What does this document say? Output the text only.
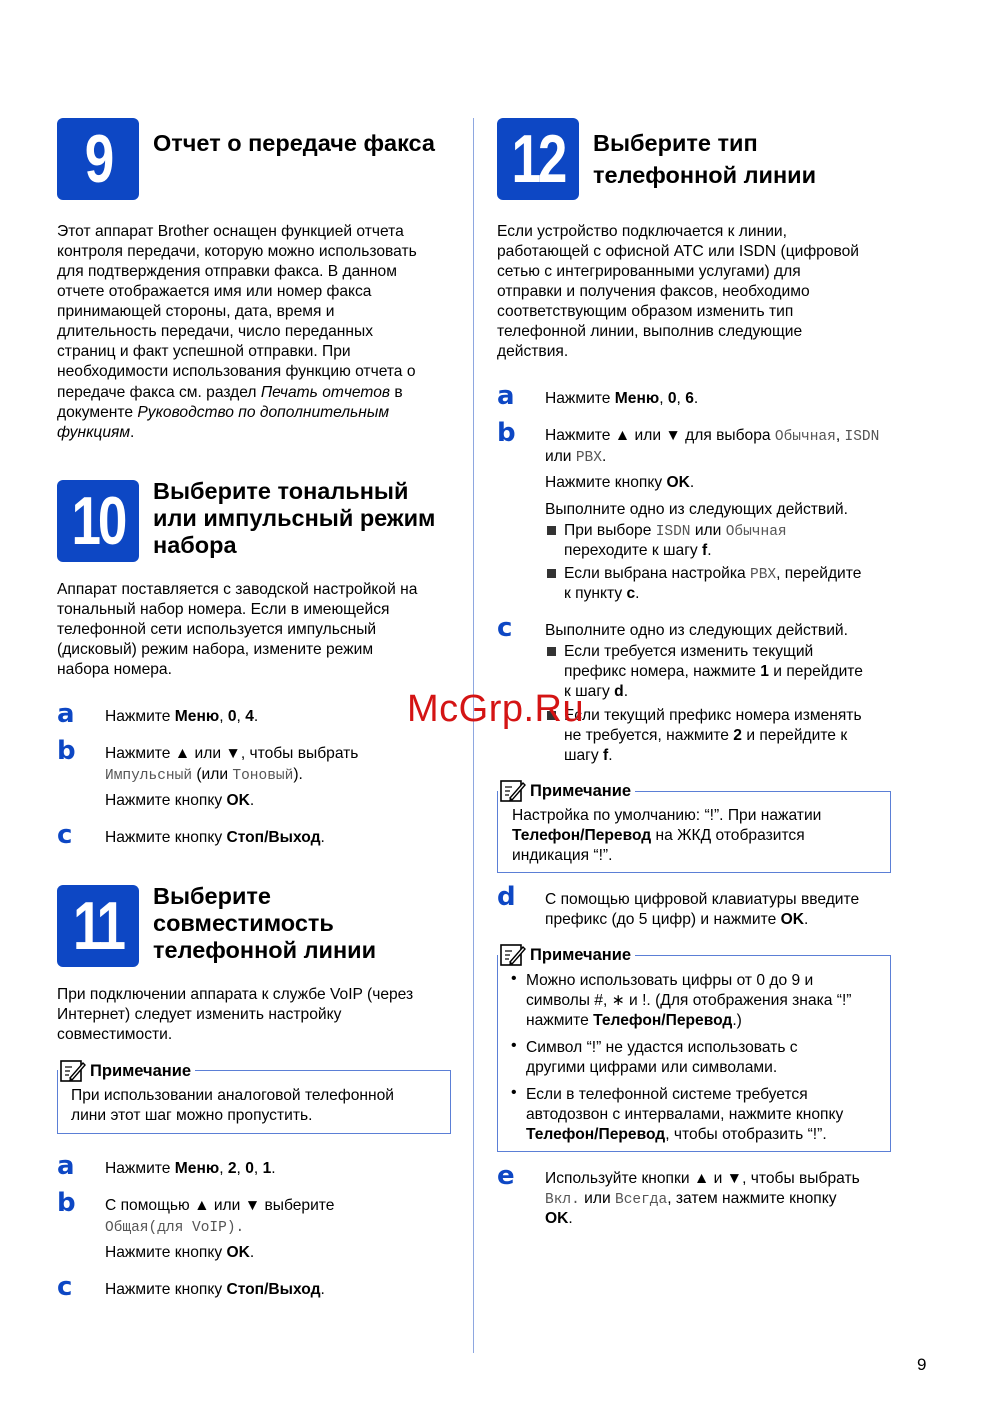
9 Отчет о передаче факса

Этот аппарат Brother оснащен функцией отчета

контроля передачи, которую можно использовать

для подтверждения отправки факса. В данном

отчете отображается имя или номер факса

принимающей стороны, дата, время и

длительность передачи, число переданных

страниц и факт успешной отправки. При

необходимости использования функцию отчета о

передаче факса см. раздел Печать отчетов в

документе Руководство по дополнительным

функциям.

10 Выберите тональный
или импульсный режим
набора

Аппарат поставляется с заводской настройкой на

тональный набор номера. Если в имеющейся

телефонной сети используется импульсный

(дисковый) режим набора, измените режим

набора номера.

a Нажмите Меню, 0, 4.

b Нажмите ▲ или ▼, чтобы выбрать

Импульсный (или Тоновый).

Нажмите кнопку OK.

c Нажмите кнопку Стоп/Выход.

11 Выберите
совместимость
телефонной линии

При подключении аппарата к службе VoIP (через

Интернет) следует изменить настройку

совместимости.

Примечание

При использовании аналоговой телефонной

лини этот шаг можно пропустить.

a Нажмите Меню, 2, 0, 1.

b С помощью ▲ или ▼ выберите

Общая(для VoIP).

Нажмите кнопку OK.

c Нажмите кнопку Стоп/Выход.

12 Выберите тип
телефонной линии

Если устройство подключается к линии,

работающей с офисной АТС или ISDN (цифровой

сетью с интегрированными услугами) для

отправки и получения факсов, необходимо

соответствующим образом изменить тип

телефонной линии, выполнив следующие

действия.

a Нажмите Меню, 0, 6.

b Нажмите ▲ или ▼ для выбора Обычная, ISDN

или PBX.

Нажмите кнопку OK.

Выполните одно из следующих действий.

При выборе ISDN или Обычная

переходите к шагу f.

Если выбрана настройка PBX, перейдите

к пункту c.

c Выполните одно из следующих действий.

Если требуется изменить текущий

префикс номера, нажмите 1 и перейдите

к шагу d.

Если текущий префикс номера изменять

не требуется, нажмите 2 и перейдите к

шагу f.

Примечание

Настройка по умолчанию: “!”. При нажатии

Телефон/Перевод на ЖКД отобразится

индикация “!”.

d С помощью цифровой клавиатуры введите

префикс (до 5 цифр) и нажмите OK.

Примечание
• Можно использовать цифры от 0 до 9 и

символы #, ∗ и !. (Для отображения знака “!”

нажмите Телефон/Перевод.)

• Символ “!” не удастся использовать с

другими цифрами или символами.

• Если в телефонной системе требуется

автодозвон с интервалами, нажмите кнопку

Телефон/Перевод, чтобы отобразить “!”.

e Используйте кнопки ▲ и ▼, чтобы выбрать

Вкл. или Всегда, затем нажмите кнопку

OK.

McGrp.Ru
9
